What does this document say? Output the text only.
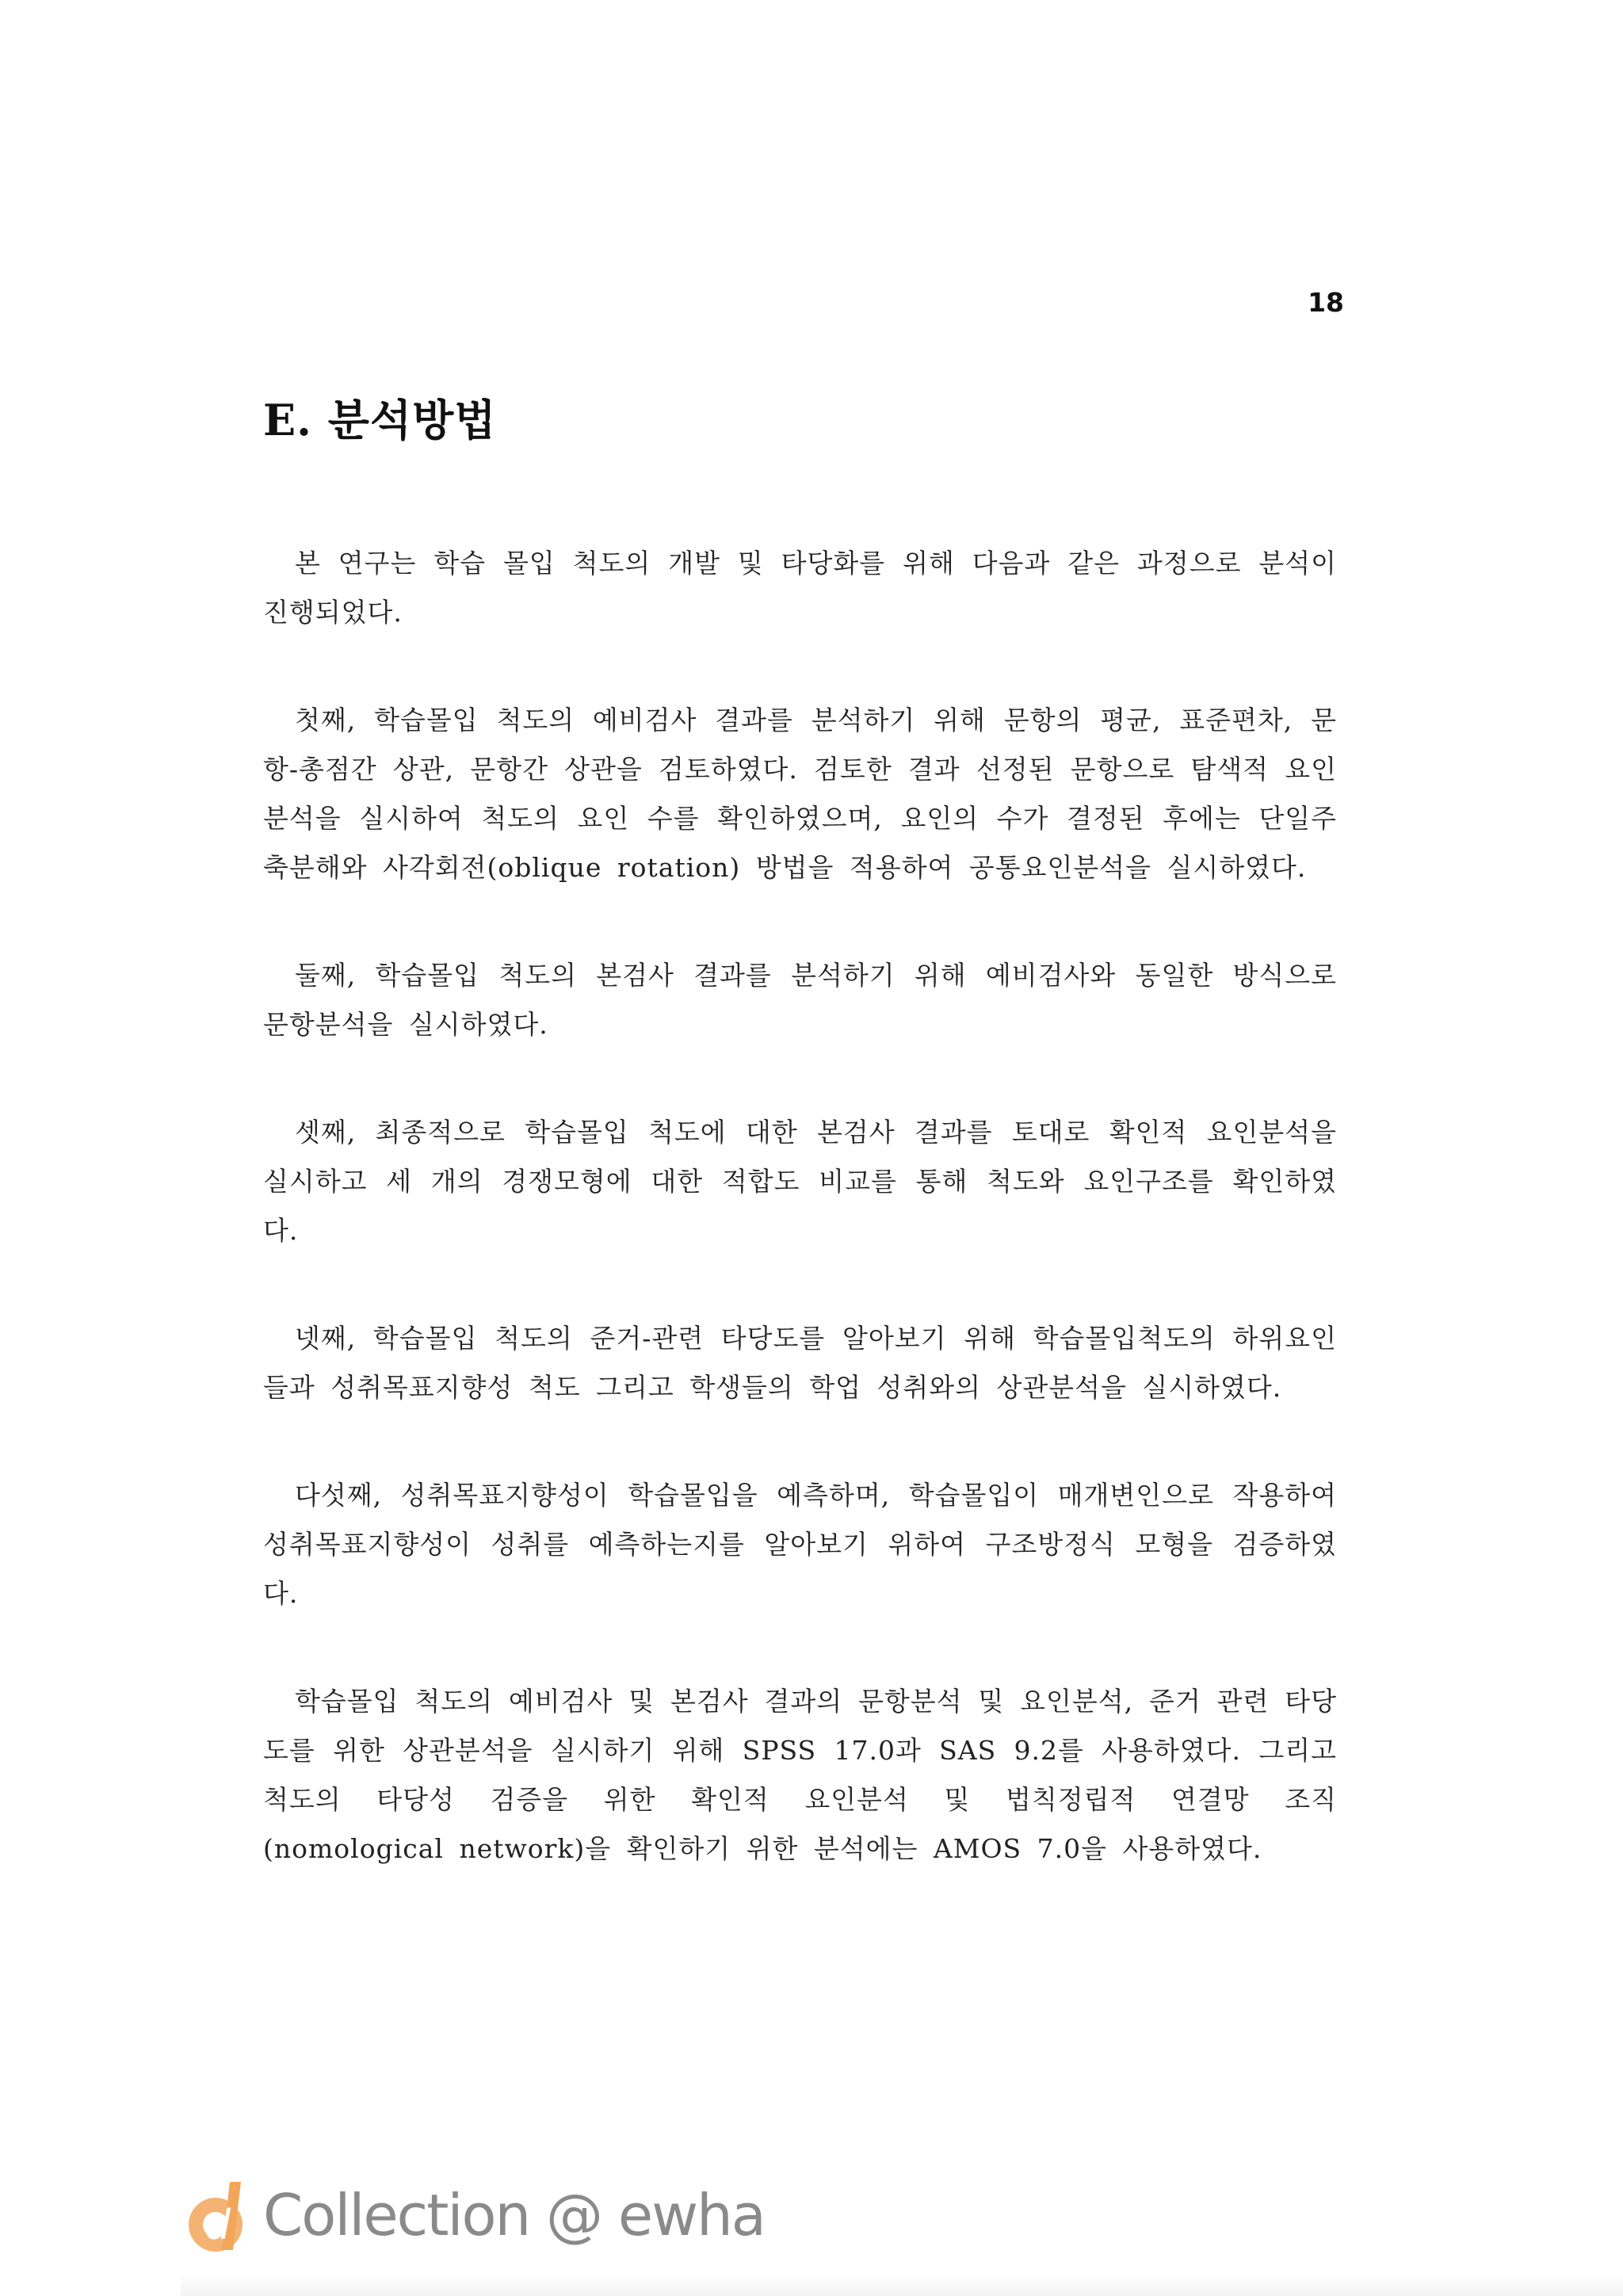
18
E. 분석방법

본 연구는 학습 몰입 척도의 개발 및 타당화를 위해 다음과 같은 과정으로 분석이 진행되었다.

첫째, 학습몰입 척도의 예비검사 결과를 분석하기 위해 문항의 평균, 표준편차, 문항-총점간 상관, 문항간 상관을 검토하였다. 검토한 결과 선정된 문항으로 탐색적 요인분석을 실시하여 척도의 요인 수를 확인하였으며, 요인의 수가 결정된 후에는 단일주축분해와 사각회전(oblique rotation) 방법을 적용하여 공통요인분석을 실시하였다.

둘째, 학습몰입 척도의 본검사 결과를 분석하기 위해 예비검사와 동일한 방식으로 문항분석을 실시하였다.

셋째, 최종적으로 학습몰입 척도에 대한 본검사 결과를 토대로 확인적 요인분석을 실시하고 세 개의 경쟁모형에 대한 적합도 비교를 통해 척도와 요인구조를 확인하였다.

넷째, 학습몰입 척도의 준거-관련 타당도를 알아보기 위해 학습몰입척도의 하위요인들과 성취목표지향성 척도 그리고 학생들의 학업 성취와의 상관분석을 실시하였다.

다섯째, 성취목표지향성이 학습몰입을 예측하며, 학습몰입이 매개변인으로 작용하여 성취목표지향성이 성취를 예측하는지를 알아보기 위하여 구조방정식 모형을 검증하였다.

학습몰입 척도의 예비검사 및 본검사 결과의 문항분석 및 요인분석, 준거 관련 타당도를 위한 상관분석을 실시하기 위해 SPSS 17.0과 SAS 9.2를 사용하였다. 그리고 척도의 타당성 검증을 위한 확인적 요인분석 및 법칙정립적 연결망 조직(nomological network)을 확인하기 위한 분석에는 AMOS 7.0을 사용하였다.

d Collection @ ewha
